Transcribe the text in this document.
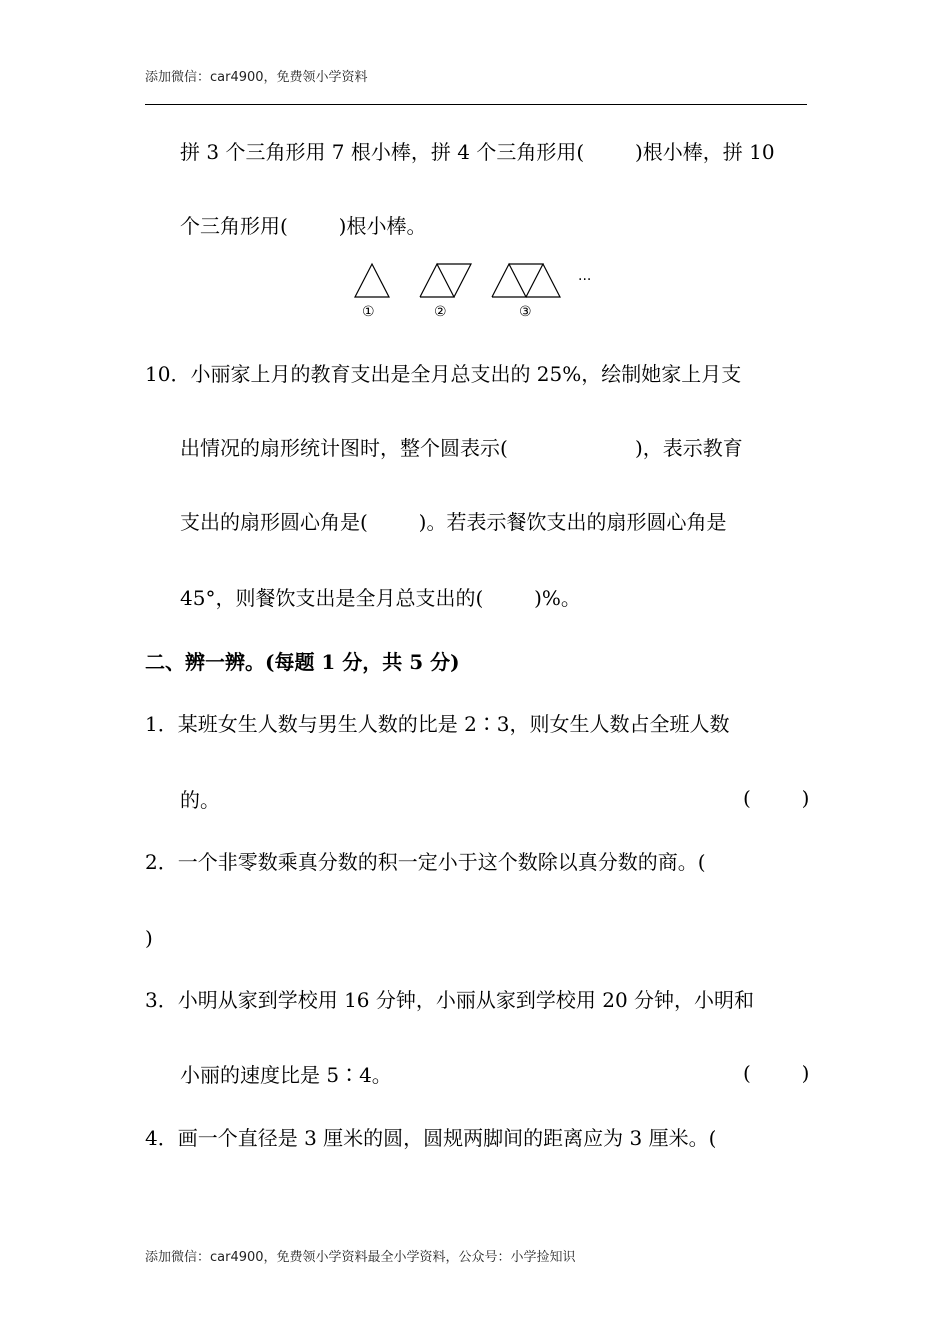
添加微信：car4900，免费领小学资料
拼 3 个三角形用 7 根小棒，拼 4 个三角形用(        )根小棒，拼 10
个三角形用(        )根小棒。
①	②	③
···
10．小丽家上月的教育支出是全月总支出的 25%，绘制她家上月支
出情况的扇形统计图时，整个圆表示(                    )，表示教育
支出的扇形圆心角是(        )。若表示餐饮支出的扇形圆心角是
45°，则餐饮支出是全月总支出的(        )%。
二、辨一辨。(每题 1 分，共 5 分)
1．某班女生人数与男生人数的比是 2∶3，则女生人数占全班人数
的。	(        )
2．一个非零数乘真分数的积一定小于这个数除以真分数的商。(
)
3．小明从家到学校用 16 分钟，小丽从家到学校用 20 分钟，小明和
小丽的速度比是 5∶4。	(        )
4．画一个直径是 3 厘米的圆，圆规两脚间的距离应为 3 厘米。(
添加微信：car4900，免费领小学资料最全小学资料，公众号：小学捡知识
